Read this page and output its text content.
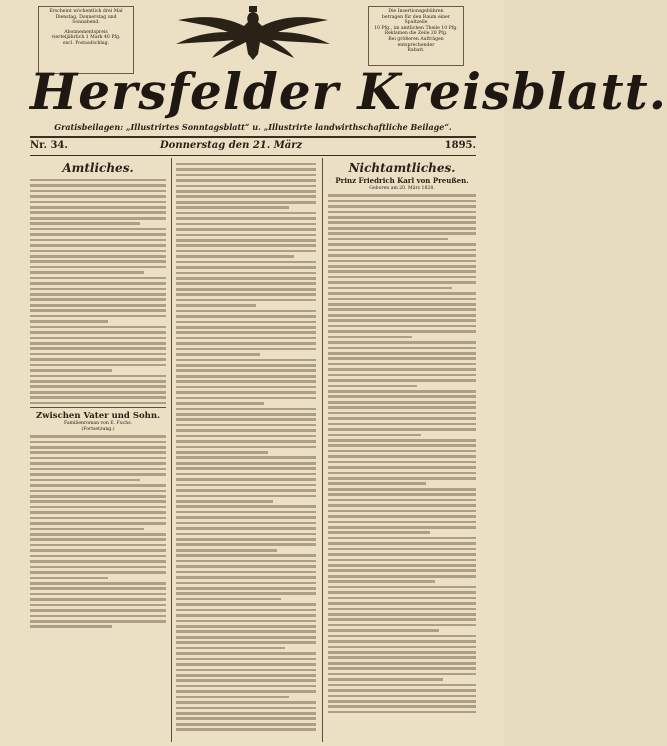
Erscheint wöchentlich drei Mal
Dienstag, Donnerstag und Sonnabend.
Abonnementspreis
vierteljährlich 1 Mark 40 Pfg.
excl. Postaufschlag.
Die Insertionsgebühren
betragen für den Raum einer Spaltzeile
10 Pfg., im amtlichen Theile 10 Pfg.
Reklamen die Zeile 20 Pfg.
Bei größeren Aufträgen entsprechender
Rabatt.
Hersfelder Kreisblatt.
Gratisbeilagen: „Illustrirtes Sonntagsblatt“ u. „Illustrirte landwirthschaftliche Beilage“.
Nr. 34.	Donnerstag den 21. März	1895.
Amtliches.
Zwischen Vater und Sohn.
Familienroman von E. Fuchs.
(Fortsetzung.)
Nichtamtliches.
Prinz Friedrich Karl von Preußen.
Geboren am 20. März 1828.
